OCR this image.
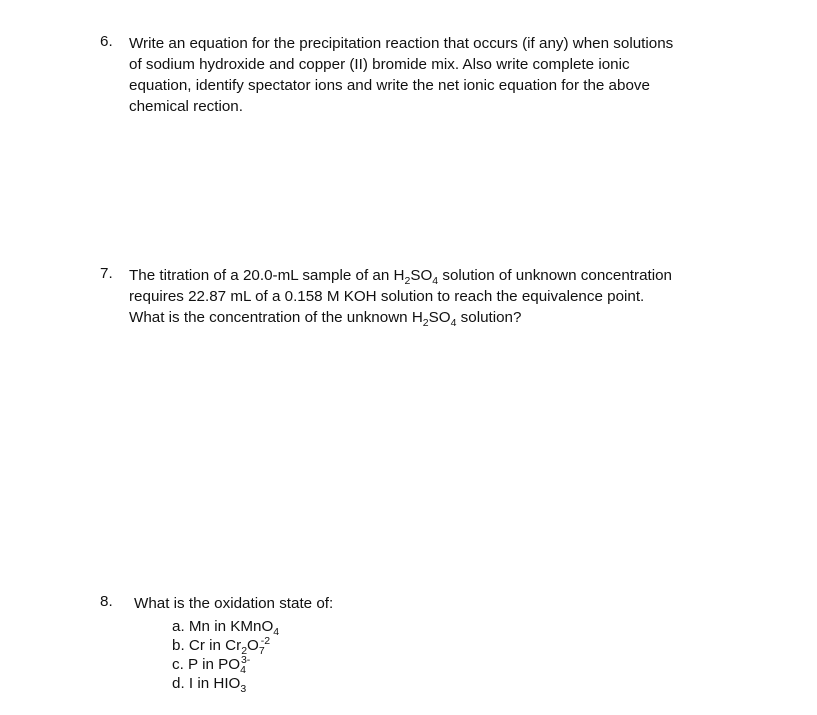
6. Write an equation for the precipitation reaction that occurs (if any) when solutions
of sodium hydroxide and copper (II) bromide mix. Also write complete ionic
equation, identify spectator ions and write the net ionic equation for the above
chemical rection.
7. The titration of a 20.0-mL sample of an $H_2SO_4$ solution of unknown concentration
requires 22.87 mL of a 0.158 M KOH solution to reach the equivalence point.
What is the concentration of the unknown $H_2SO_4$ solution?
8. What is the oxidation state of:
a. Mn in KMnO$_4$
b. Cr in $Cr_2O_7^{-2}$
c. P in $PO_4^{3-}$
d. I in $HIO_3$
